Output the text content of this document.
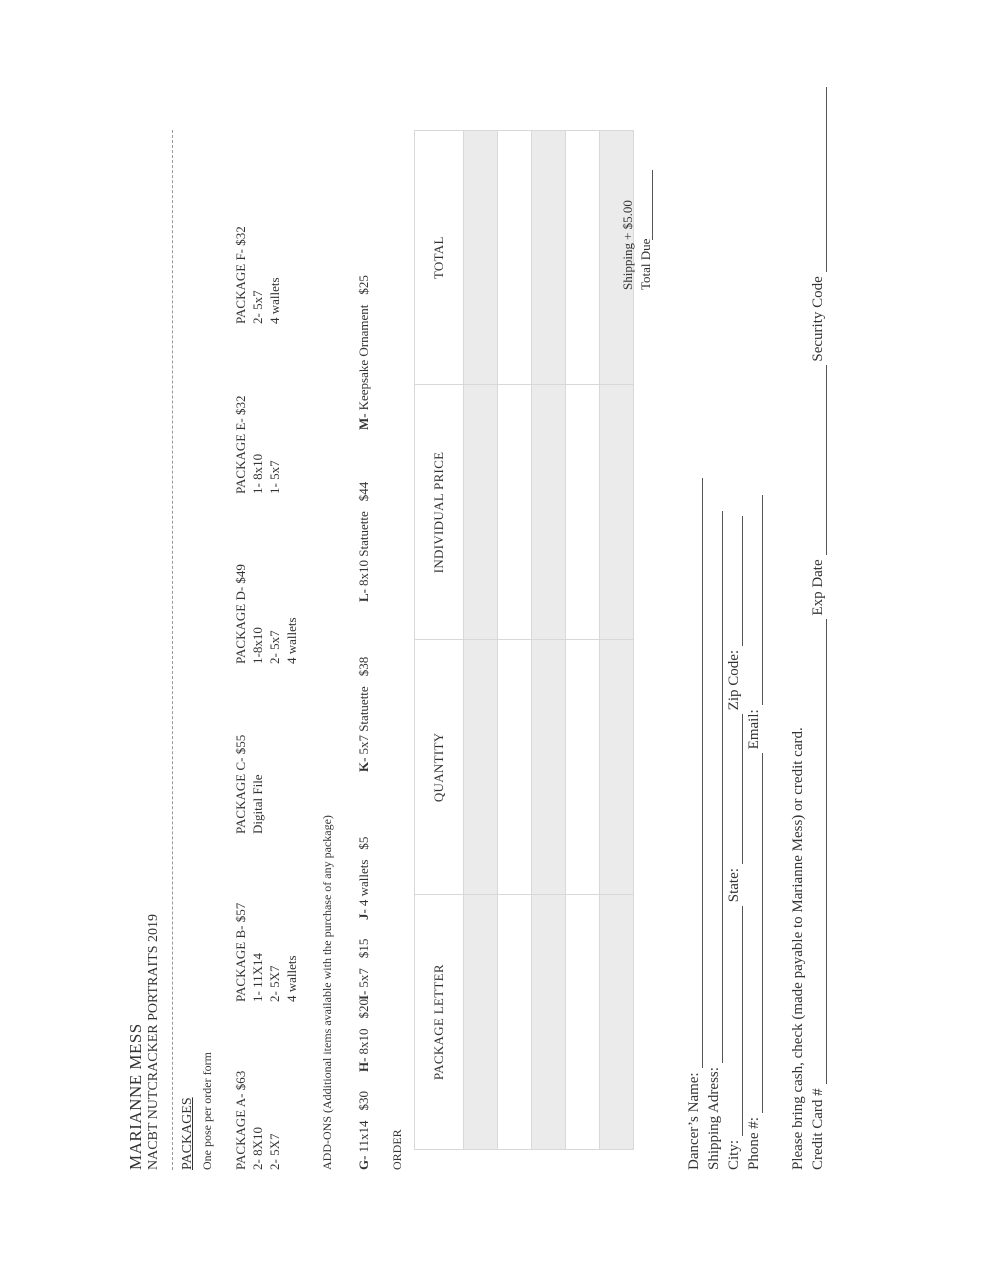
MARIANNE MESS NACBT NUTCRACKER PORTRAITS 2019 PACKAGES One pose per order form PACKAGE A- $63 2- 8X10 2- 5X7
PACKAGE B- $57 1- 11X14 2- 5X7 4 wallets
PACKAGE C- $55 Digital File
PACKAGE D- $49 1-8x10 2- 5x7 4 wallets
PACKAGE E- $32 1- 8x10 1- 5x7
PACKAGE F- $32 2- 5x7 4 wallets
ADD-ONS (Additional items available with the purchase of any package) G-11x14$30
H-8x10$20
I-5x7$15
J-4 wallets$5
K-5x7 Statuette$38
L-8x10 Statuette$44
M-Keepsake Ornament$25
ORDER
PACKAGE LETTER	QUANTITY	INDIVIDUAL PRICE	TOTAL

				Shipping
+ $5.00
Total Due
Dancer’s Name: Shipping Adress: City: State: Zip Code:
Phone #: Email: Please bring cash, check (made payable to Marianne Mess) or credit card. Credit Card # Exp Date Security Code
